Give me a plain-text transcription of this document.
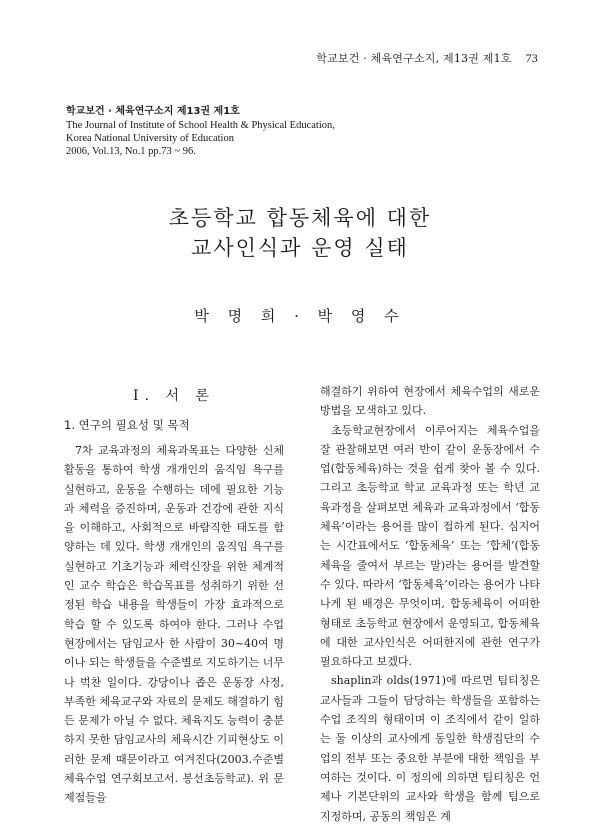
학교보건 · 체육연구소지, 제13권 제1호 73
학교보건 · 체육연구소지 제13권 제1호
The Journal of Institute of School Health & Physical Education,
Korea National University of Education
2006, Vol.13, No.1 pp.73 ~ 96.
초등학교 합동체육에 대한
교사인식과 운영 실태
박 명 희 · 박 영 수
Ⅰ. 서 론
1. 연구의 필요성 및 목적

7차 교육과정의 체육과목표는 다양한 신체활동을 통하여 학생 개개인의 움직임 욕구를 실현하고, 운동을 수행하는 데에 필요한 기능과 체력을 증진하며, 운동과 건강에 관한 지식을 이해하고, 사회적으로 바람직한 태도를 함양하는 데 있다. 학생 개개인의 움직임 욕구를 실현하고 기초기능과 체력신장을 위한 체계적인 교수 학습은 학습목표를 성취하기 위한 선정된 학습 내용을 학생들이 가장 효과적으로 학습 할 수 있도록 하여야 한다. 그러나 수업 현장에서는 담임교사 한 사람이 30~40여 명이나 되는 학생들을 수준별로 지도하기는 너무나 벅찬 일이다. 강당이나 좁은 운동장 사정, 부족한 체육교구와 자료의 문제도 해결하기 힘든 문제가 아닐 수 없다. 체육지도 능력이 충분하지 못한 담임교사의 체육시간 기피현상도 이러한 문제 때문이라고 여겨진다(2003.수준별 체육수업 연구회보고서. 봉선초등학교). 위 문제점들을

해결하기 위하여 현장에서 체육수업의 새로운 방법을 모색하고 있다.

초등학교현장에서 이루어지는 체육수업을 잘 관찰해보면 여러 반이 같이 운동장에서 수업(합동체육)하는 것을 쉽게 찾아 볼 수 있다. 그리고 초등학교 학교 교육과정 또는 학년 교육과정을 살펴보면 체육과 교육과정에서 ‘합동체육’이라는 용어를 많이 접하게 된다. 심지어는 시간표에서도 ‘합동체육’ 또는 ‘합체’(합동체육을 줄여서 부르는 말)라는 용어를 발견할 수 있다. 따라서 ‘합동체육’이라는 용어가 나타나게 된 배경은 무엇이며, 합동체육이 어떠한 형태로 초등학교 현장에서 운영되고, 합동체육에 대한 교사인식은 어떠한지에 관한 연구가 필요하다고 보겠다.

shaplin과 olds(1971)에 따르면 팀티칭은 교사들과 그들이 담당하는 학생들을 포함하는 수업 조직의 형태이며 이 조직에서 같이 일하는 둘 이상의 교사에게 동일한 학생집단의 수업의 전부 또는 중요한 부분에 대한 책임을 부여하는 것이다. 이 정의에 의하면 팀티칭은 언제나 기본단위의 교사와 학생을 함께 팀으로 지정하며, 공동의 책임은 계
